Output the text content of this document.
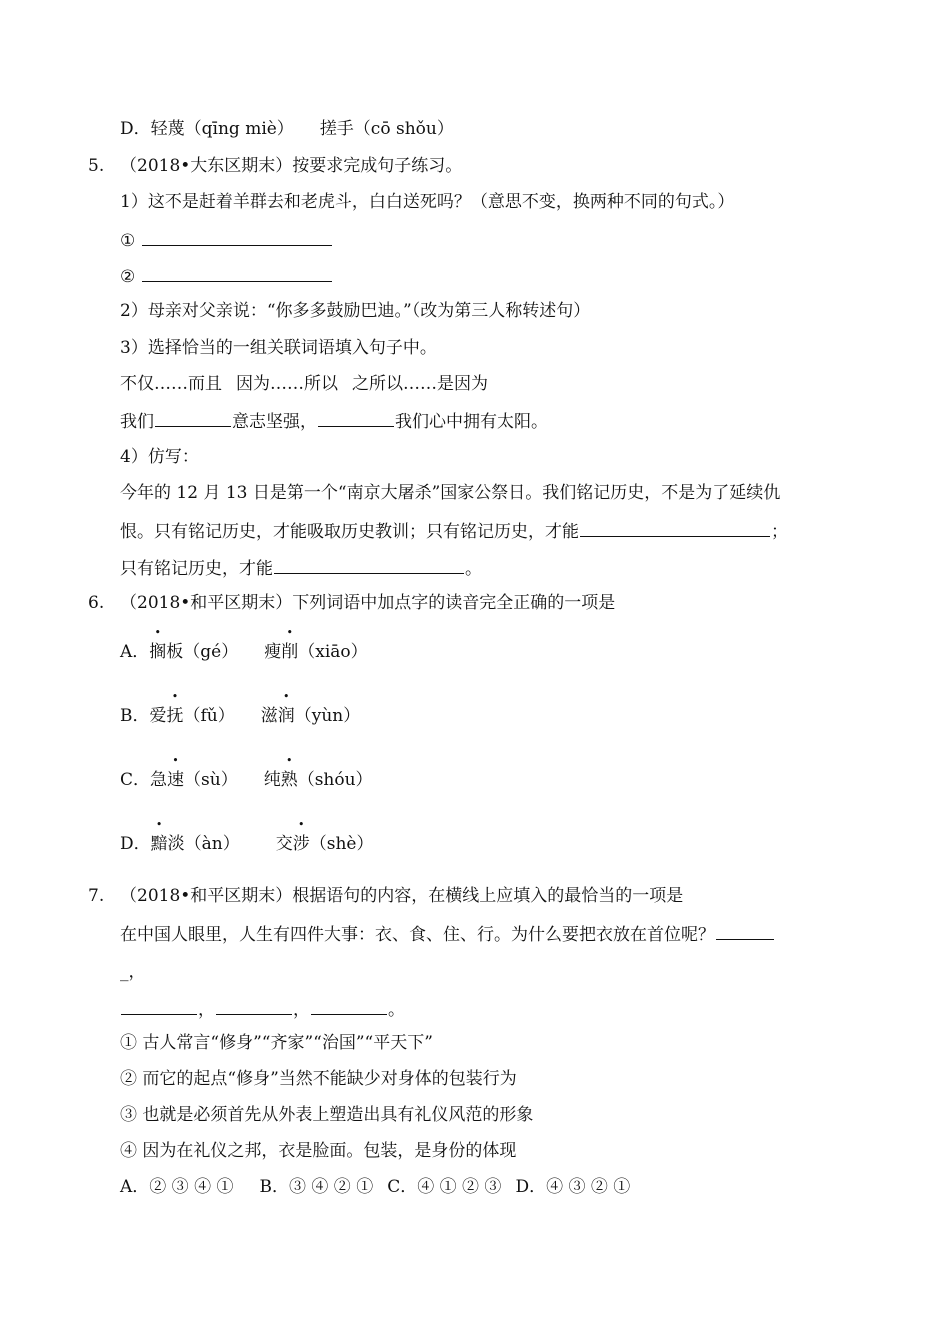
D．轻蔑（qīng miè） 搓手（cō shǒu）
5. （2018•大东区期末）按要求完成句子练习。
1）这不是赶着羊群去和老虎斗，白白送死吗？（意思不变，换两种不同的句式。）
①
②
2）母亲对父亲说：“你多多鼓励巴迪。”（改为第三人称转述句）
3）选择恰当的一组关联词语填入句子中。
不仅……而且 因为……所以 之所以……是因为
我们	意志坚强，	我们心中拥有太阳。
4）仿写：
今年的 12 月 13 日是第一个“南京大屠杀”国家公祭日。我们铭记历史，不是为了延续仇
恨。只有铭记历史，才能吸取历史教训；只有铭记历史，才能	；
只有铭记历史，才能	。
6. （2018•和平区期末）下列词语中加点字的读音完全正确的一项是
A．搁板（gé） 瘦削（xiāo）
B．爱抚（fǔ） 滋润（yùn）
C．急速（sù） 纯熟（shóu）
D．黯淡（àn） 交涉（shè）
7. （2018•和平区期末）根据语句的内容，在横线上应填入的最恰当的一项是
在中国人眼里，人生有四件大事：衣、食、住、行。为什么要把衣放在首位呢？
_，
，	，	。
① 古人常言“修身”“齐家”“治国”“平天下”
② 而它的起点“修身”当然不能缺少对身体的包装行为
③ 也就是必须首先从外表上塑造出具有礼仪风范的形象
④ 因为在礼仪之邦，衣是脸面。包装，是身份的体现
A．② ③ ④ ① B．③ ④ ② ① C．④ ① ② ③ D．④ ③ ② ①
